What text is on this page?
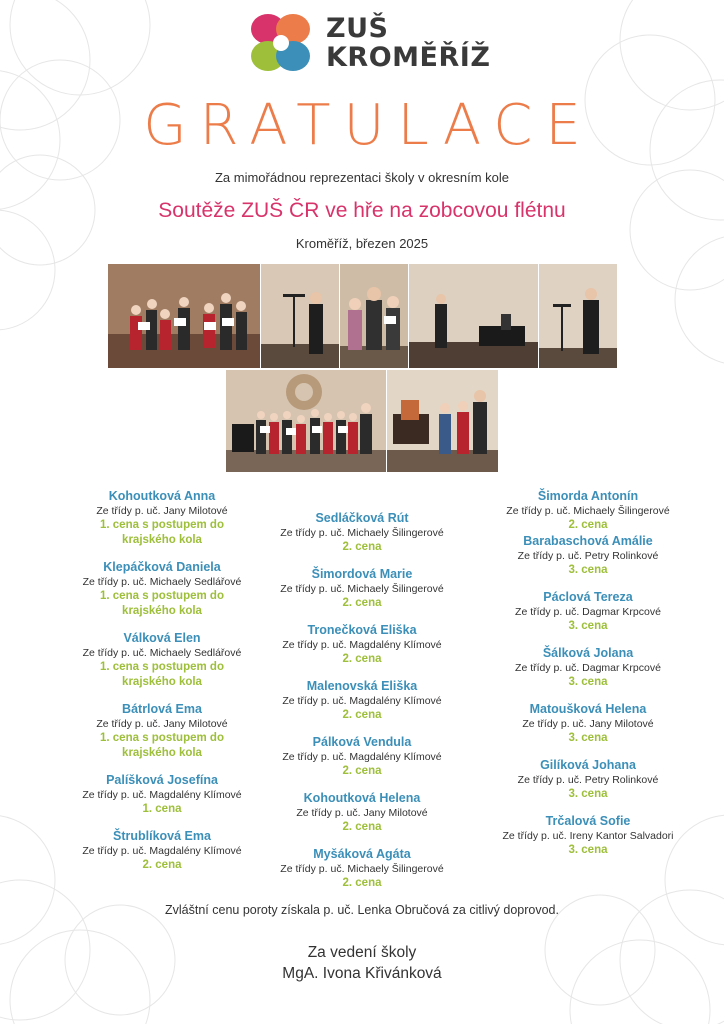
ZUŠ
KROMĚŘÍŽ
GRATULACE
Za mimořádnou reprezentaci školy v okresním kole
Soutěže ZUŠ ČR ve hře na zobcovou flétnu
Kroměříž, březen 2025
Kohoutková Anna
Ze třídy p. uč. Jany Milotové
1. cena s postupem do krajského kola
Klepáčková Daniela
Ze třídy p. uč. Michaely Sedlářové
1. cena s postupem do krajského kola
Válková Elen
Ze třídy p. uč. Michaely Sedlářové
1. cena s postupem do krajského kola
Bátrlová Ema
Ze třídy p. uč. Jany Milotové
1. cena s postupem do krajského kola
Palíšková Josefína
Ze třídy p. uč. Magdalény Klímové
1. cena
Štrublíková Ema
Ze třídy p. uč. Magdalény Klímové
2. cena
Sedláčková Rút
Ze třídy p. uč. Michaely Šilingerové
2. cena
Šimordová Marie
Ze třídy p. uč. Michaely Šilingerové
2. cena
Tronečková Eliška
Ze třídy p. uč. Magdalény Klímové
2. cena
Malenovská Eliška
Ze třídy p. uč. Magdalény Klímové
2. cena
Pálková Vendula
Ze třídy p. uč. Magdalény Klímové
2. cena
Kohoutková Helena
Ze třídy p. uč. Jany Milotové
2. cena
Myšáková Agáta
Ze třídy p. uč. Michaely Šilingerové
2. cena
Šimorda Antonín
Ze třídy p. uč. Michaely Šilingerové
2. cena
Barabaschová Amálie
Ze třídy p. uč. Petry Rolinkové
3. cena
Páclová Tereza
Ze třídy p. uč. Dagmar Krpcové
3. cena
Šálková Jolana
Ze třídy p. uč. Dagmar Krpcové
3. cena
Matoušková Helena
Ze třídy p. uč. Jany Milotové
3. cena
Gilíková Johana
Ze třídy p. uč. Petry Rolinkové
3. cena
Trčalová Sofie
Ze třídy p. uč. Ireny Kantor Salvadori
3. cena
Zvláštní cenu poroty získala p. uč. Lenka Obručová za citlivý doprovod.
Za vedení školy
MgA. Ivona Křivánková
